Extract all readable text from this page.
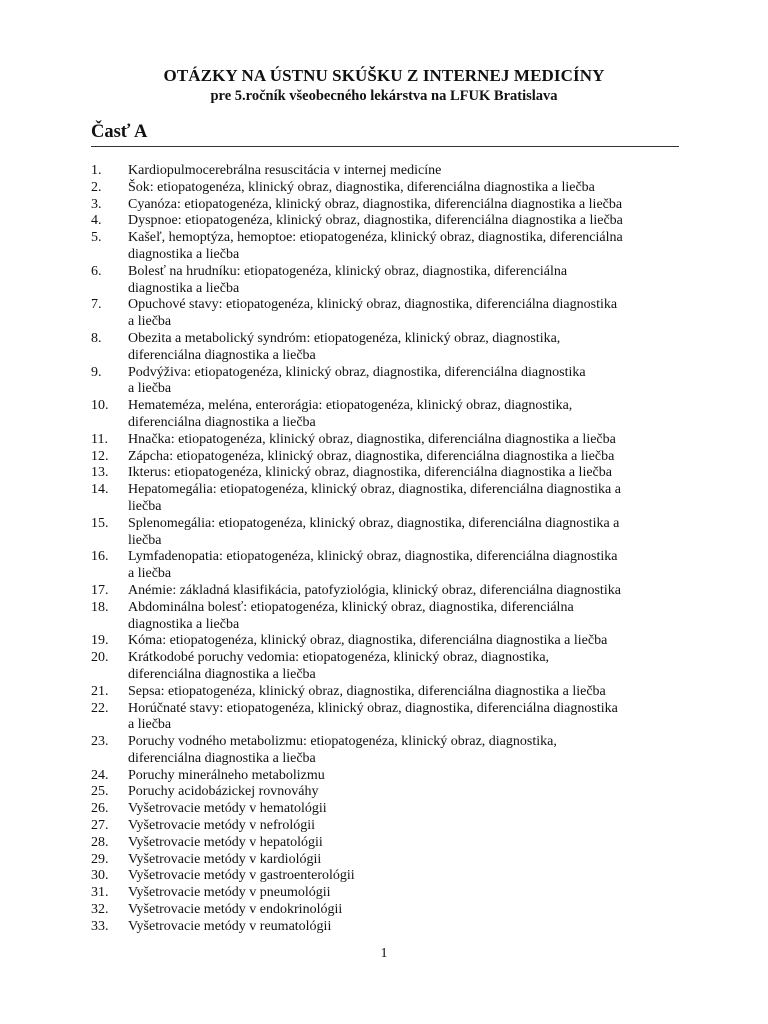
OTÁZKY NA ÚSTNU SKÚŠKU Z INTERNEJ MEDICÍNY
pre 5.ročník všeobecného lekárstva na LFUK Bratislava
Časť A
1. Kardiopulmocerebrálna resuscitácia v internej medicíne
2. Šok: etiopatogenéza, klinický obraz, diagnostika, diferenciálna diagnostika a liečba
3. Cyanóza: etiopatogenéza, klinický obraz, diagnostika, diferenciálna diagnostika a liečba
4. Dyspnoe: etiopatogenéza, klinický obraz, diagnostika, diferenciálna diagnostika a liečba
5. Kašeľ, hemoptýza, hemoptoe: etiopatogenéza, klinický obraz, diagnostika, diferenciálna
diagnostika a liečba
6. Bolesť na hrudníku: etiopatogenéza, klinický obraz, diagnostika, diferenciálna
diagnostika a liečba
7. Opuchové stavy: etiopatogenéza, klinický obraz, diagnostika, diferenciálna diagnostika
a liečba
8. Obezita a metabolický syndróm: etiopatogenéza, klinický obraz, diagnostika,
diferenciálna diagnostika a liečba
9. Podvýživa: etiopatogenéza, klinický obraz, diagnostika, diferenciálna diagnostika
a liečba
10. Hemateméza, meléna, enterorágia: etiopatogenéza, klinický obraz, diagnostika,
diferenciálna diagnostika a liečba
11. Hnačka: etiopatogenéza, klinický obraz, diagnostika, diferenciálna diagnostika a liečba
12. Zápcha: etiopatogenéza, klinický obraz, diagnostika, diferenciálna diagnostika a liečba
13. Ikterus: etiopatogenéza, klinický obraz, diagnostika, diferenciálna diagnostika a liečba
14. Hepatomegália: etiopatogenéza, klinický obraz, diagnostika, diferenciálna diagnostika a
liečba
15. Splenomegália: etiopatogenéza, klinický obraz, diagnostika, diferenciálna diagnostika a
liečba
16. Lymfadenopatia: etiopatogenéza, klinický obraz, diagnostika, diferenciálna diagnostika
a liečba
17. Anémie: základná klasifikácia, patofyziológia, klinický obraz, diferenciálna diagnostika
18. Abdominálna bolesť: etiopatogenéza, klinický obraz, diagnostika, diferenciálna
diagnostika a liečba
19. Kóma: etiopatogenéza, klinický obraz, diagnostika, diferenciálna diagnostika a liečba
20. Krátkodobé poruchy vedomia: etiopatogenéza, klinický obraz, diagnostika,
diferenciálna diagnostika a liečba
21. Sepsa: etiopatogenéza, klinický obraz, diagnostika, diferenciálna diagnostika a liečba
22. Horúčnaté stavy: etiopatogenéza, klinický obraz, diagnostika, diferenciálna diagnostika
a liečba
23. Poruchy vodného metabolizmu: etiopatogenéza, klinický obraz, diagnostika,
diferenciálna diagnostika a liečba
24. Poruchy minerálneho metabolizmu
25. Poruchy acidobázickej rovnováhy
26. Vyšetrovacie metódy v hematológii
27. Vyšetrovacie metódy v nefrológii
28. Vyšetrovacie metódy v hepatológii
29. Vyšetrovacie metódy v kardiológii
30. Vyšetrovacie metódy v gastroenterológii
31. Vyšetrovacie metódy v pneumológii
32. Vyšetrovacie metódy v endokrinológii
33. Vyšetrovacie metódy v reumatológii
1
